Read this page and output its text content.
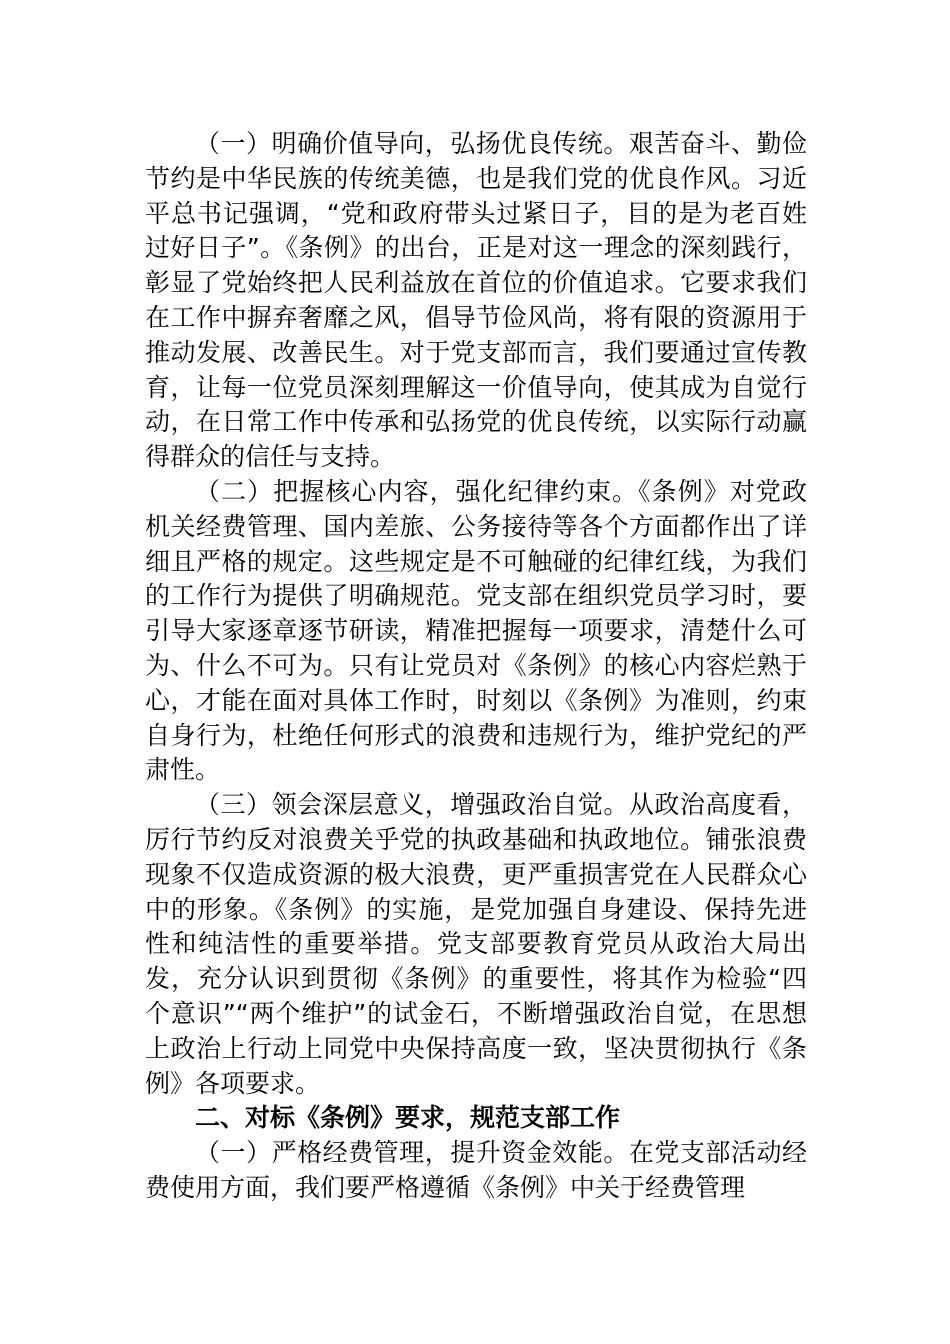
（一）明确价值导向，弘扬优良传统。艰苦奋斗、勤俭节约是中华民族的传统美德，也是我们党的优良作风。习近平总书记强调，“党和政府带头过紧日子，目的是为老百姓过好日子”。《条例》的出台，正是对这一理念的深刻践行，彰显了党始终把人民利益放在首位的价值追求。它要求我们在工作中摒弃奢靡之风，倡导节俭风尚，将有限的资源用于推动发展、改善民生。对于党支部而言，我们要通过宣传教育，让每一位党员深刻理解这一价值导向，使其成为自觉行动，在日常工作中传承和弘扬党的优良传统，以实际行动赢得群众的信任与支持。

（二）把握核心内容，强化纪律约束。《条例》对党政机关经费管理、国内差旅、公务接待等各个方面都作出了详细且严格的规定。这些规定是不可触碰的纪律红线，为我们的工作行为提供了明确规范。党支部在组织党员学习时，要引导大家逐章逐节研读，精准把握每一项要求，清楚什么可为、什么不可为。只有让党员对《条例》的核心内容烂熟于心，才能在面对具体工作时，时刻以《条例》为准则，约束自身行为，杜绝任何形式的浪费和违规行为，维护党纪的严肃性。

（三）领会深层意义，增强政治自觉。从政治高度看，厉行节约反对浪费关乎党的执政基础和执政地位。铺张浪费现象不仅造成资源的极大浪费，更严重损害党在人民群众心中的形象。《条例》的实施，是党加强自身建设、保持先进性和纯洁性的重要举措。党支部要教育党员从政治大局出发，充分认识到贯彻《条例》的重要性，将其作为检验“四个意识”“两个维护”的试金石，不断增强政治自觉，在思想上政治上行动上同党中央保持高度一致，坚决贯彻执行《条例》各项要求。

二、对标《条例》要求，规范支部工作

（一）严格经费管理，提升资金效能。在党支部活动经费使用方面，我们要严格遵循《条例》中关于经费管理
